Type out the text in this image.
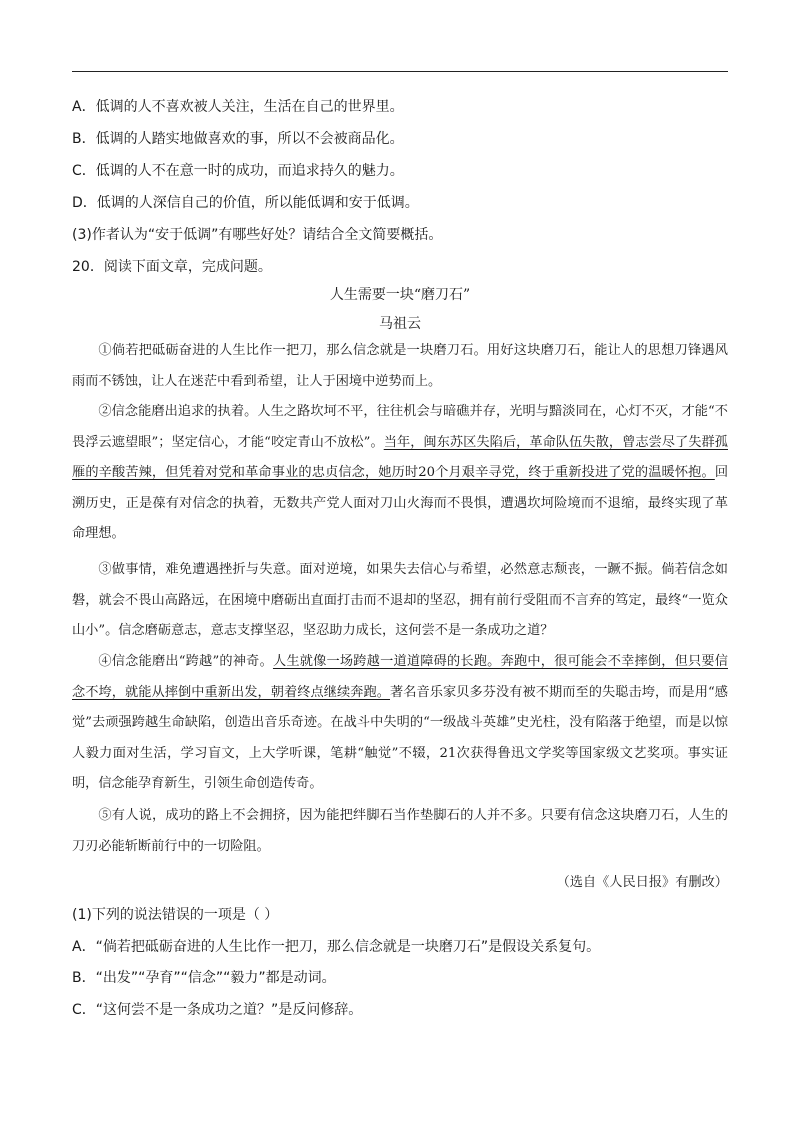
A．低调的人不喜欢被人关注，生活在自己的世界里。
B．低调的人踏实地做喜欢的事，所以不会被商品化。
C．低调的人不在意一时的成功，而追求持久的魅力。
D．低调的人深信自己的价值，所以能低调和安于低调。
(3)作者认为“安于低调”有哪些好处？请结合全文简要概括。
20．阅读下面文章，完成问题。
人生需要一块“磨刀石”
马祖云
①倘若把砥砺奋进的人生比作一把刀，那么信念就是一块磨刀石。用好这块磨刀石，能让人的思想刀锋遇风雨而不锈蚀，让人在迷茫中看到希望，让人于困境中逆势而上。
②信念能磨出追求的执着。人生之路坎坷不平，往往机会与暗礁并存，光明与黯淡同在，心灯不灭，才能“不畏浮云遮望眼”；坚定信心，才能“咬定青山不放松”。当年，闽东苏区失陷后，革命队伍失散，曾志尝尽了失群孤雁的辛酸苦辣，但凭着对党和革命事业的忠贞信念，她历时20个月艰辛寻党，终于重新投进了党的温暖怀抱。回溯历史，正是葆有对信念的执着，无数共产党人面对刀山火海而不畏惧，遭遇坎坷险境而不退缩，最终实现了革命理想。
③做事情，难免遭遇挫折与失意。面对逆境，如果失去信心与希望，必然意志颓丧，一蹶不振。倘若信念如磐，就会不畏山高路远，在困境中磨砺出直面打击而不退却的坚忍，拥有前行受阻而不言弃的笃定，最终“一览众山小”。信念磨砺意志，意志支撑坚忍，坚忍助力成长，这何尝不是一条成功之道？
④信念能磨出“跨越”的神奇。人生就像一场跨越一道道障碍的长跑。奔跑中，很可能会不幸摔倒，但只要信念不垮，就能从摔倒中重新出发，朝着终点继续奔跑。著名音乐家贝多芬没有被不期而至的失聪击垮，而是用“感觉”去顽强跨越生命缺陷，创造出音乐奇迹。在战斗中失明的“一级战斗英雄”史光柱，没有陷落于绝望，而是以惊人毅力面对生活，学习盲文，上大学听课，笔耕“触觉”不辍，21次获得鲁迅文学奖等国家级文艺奖项。事实证明，信念能孕育新生，引领生命创造传奇。
⑤有人说，成功的路上不会拥挤，因为能把绊脚石当作垫脚石的人并不多。只要有信念这块磨刀石，人生的刀刃必能斩断前行中的一切险阻。
（选自《人民日报》有删改）
(1)下列的说法错误的一项是（ ）
A．“倘若把砥砺奋进的人生比作一把刀，那么信念就是一块磨刀石”是假设关系复句。
B．“出发”“孕育”“信念”“毅力”都是动词。
C．“这何尝不是一条成功之道？”是反问修辞。
